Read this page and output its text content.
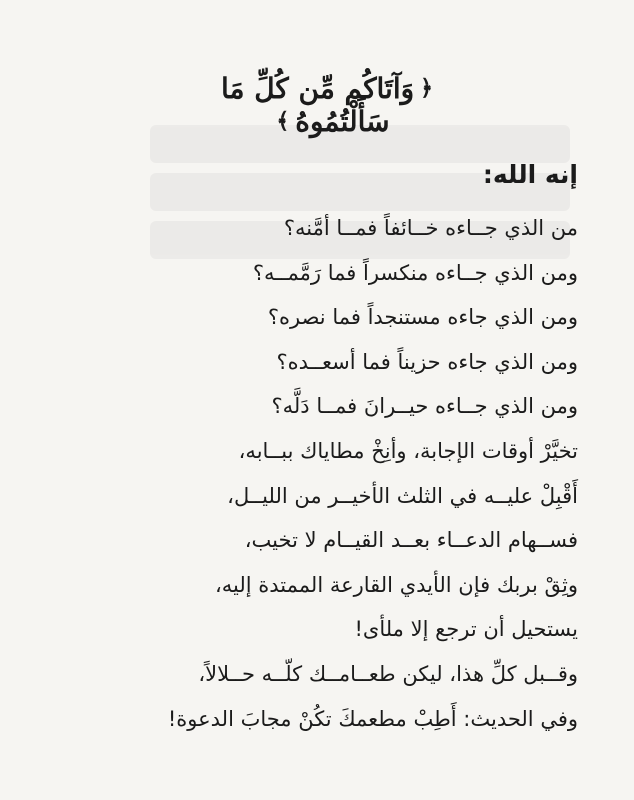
﴿وَآتَاكُم مِّن كُلِّ مَا سَأَلْتُمُوهُ﴾
إنه الله:
من الذي جــاءه خــائفاً فمــا أمَّنه؟
ومن الذي جــاءه منكسراً فما رَمَّمــه؟
ومن الذي جاءه مستنجداً فما نصره؟
ومن الذي جاءه حزيناً فما أسعــده؟
ومن الذي جــاءه حيــرانَ فمــا دَلَّه؟
تخيَّرْ أوقات الإجابة، وأنِخْ مطاياك ببــابه،
أَقْبِلْ عليــه في الثلث الأخيــر من الليــل،
فســهام الدعــاء بعــد القيــام لا تخيب،
وثِقْ بربك فإن الأيدي القارعة الممتدة إليه،
يستحيل أن ترجع إلا ملأى!
وقــبل كلِّ هذا، ليكن طعــامــك كلّــه حــلالاً،
وفي الحديث: أَطِبْ مطعمكَ تكُنْ مجابَ الدعوة!
